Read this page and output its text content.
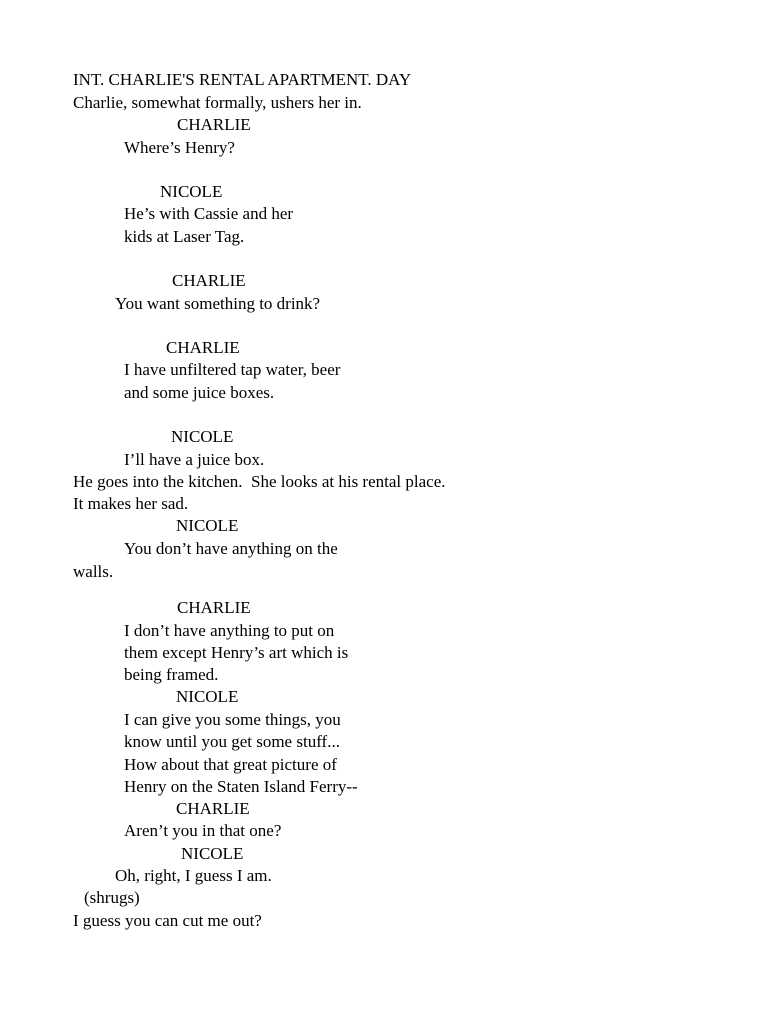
INT. CHARLIE'S RENTAL APARTMENT. DAY
Charlie, somewhat formally, ushers her in.
CHARLIE
Where’s Henry?
NICOLE
He’s with Cassie and her
kids at Laser Tag.
CHARLIE
You want something to drink?
CHARLIE
I have unfiltered tap water, beer
and some juice boxes.
NICOLE
I’ll have a juice box.
He goes into the kitchen.  She looks at his rental place.
It makes her sad.
NICOLE
You don’t have anything on the
walls.
CHARLIE
I don’t have anything to put on
them except Henry’s art which is
being framed.
NICOLE
I can give you some things, you
know until you get some stuff...
How about that great picture of
Henry on the Staten Island Ferry--
CHARLIE
Aren’t you in that one?
NICOLE
Oh, right, I guess I am.
(shrugs)
I guess you can cut me out?
